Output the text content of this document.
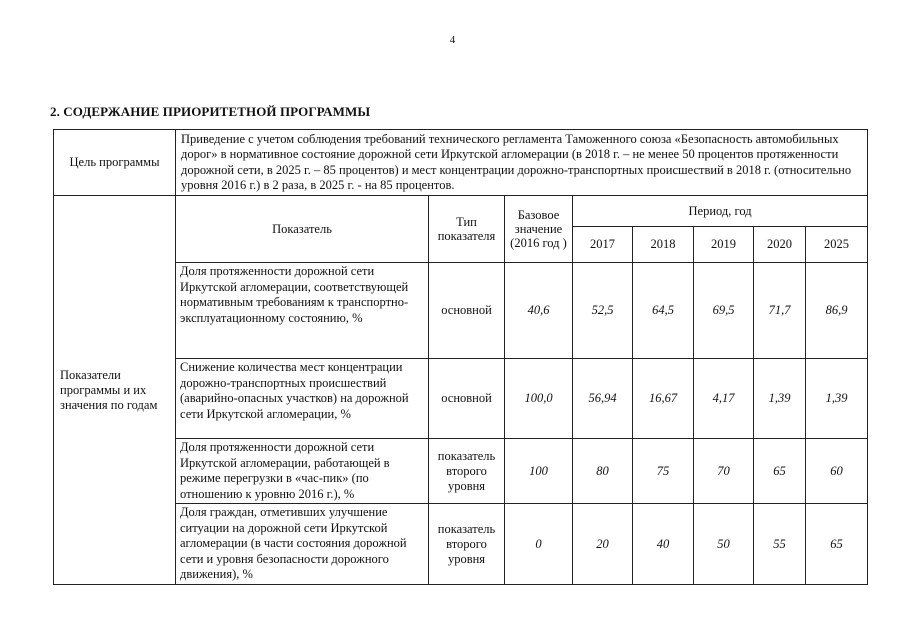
4
2. СОДЕРЖАНИЕ ПРИОРИТЕТНОЙ ПРОГРАММЫ
Цель программы	Приведение с учетом соблюдения требований технического регламента Таможенного союза «Безопасность автомобильных дорог» в нормативное состояние дорожной сети Иркутской агломерации (в 2018 г. – не менее 50 процентов протяженности дорожной сети, в 2025 г. – 85 процентов) и мест концентрации дорожно-транспортных происшествий в 2018 г. (относительно уровня 2016 г.) в 2 раза, в 2025 г. - на 85 процентов.							
Показатели программы и их значения по годам	Показатель	Тип показателя	Базовое значение (2016 год )	Период, год				
				2017	2018	2019	2020	2025
	Доля протяженности дорожной сети Иркутской агломерации, соответствующей нормативным требованиям к транспортно-эксплуатационному состоянию, %	основной	40,6	52,5	64,5	69,5	71,7	86,9
	Снижение количества мест концентрации дорожно-транспортных происшествий (аварийно-опасных участков) на дорожной сети Иркутской агломерации, %	основной	100,0	56,94	16,67	4,17	1,39	1,39
	Доля протяженности дорожной сети Иркутской агломерации, работающей в режиме перегрузки в «час-пик» (по отношению к уровню 2016 г.), %	показатель второго уровня	100	80	75	70	65	60
	Доля граждан, отметивших улучшение ситуации на дорожной сети Иркутской агломерации (в части состояния дорожной сети и уровня безопасности дорожного движения), %	показатель второго уровня	0	20	40	50	55	65
